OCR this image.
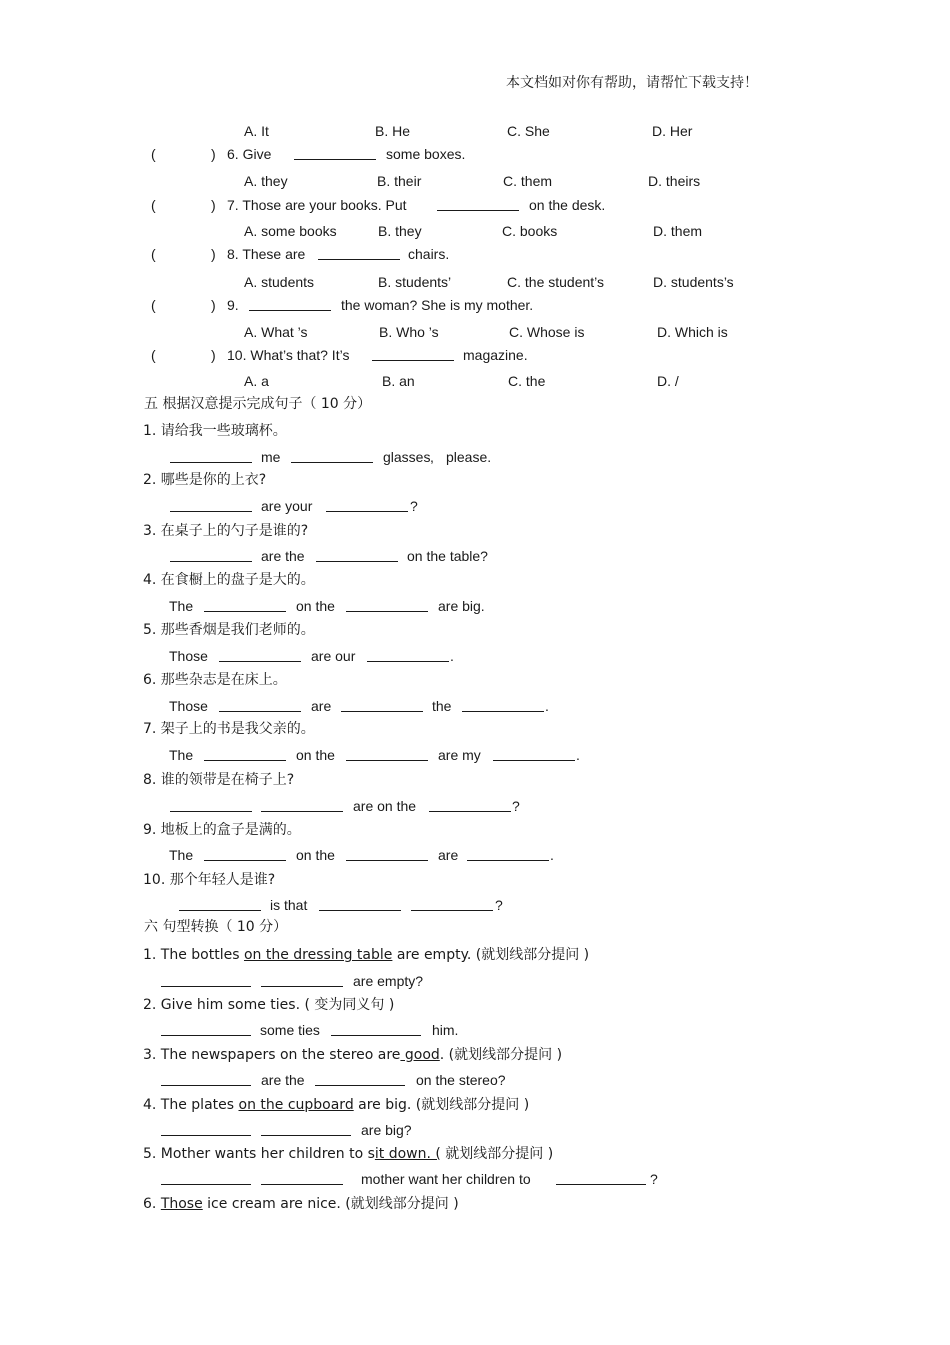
本文档如对你有帮助，请帮忙下载支持！
A. It	B. He	C. She	D. Her
(	) 6. Give	some boxes.
A. they	B. their	C. them	D. theirs
(	) 7. Those are your books. Put	on the desk.
A. some books	B. they	C. books	D. them
(	) 8. These are	chairs.
A. students	B. students’	C. the student’s	D. students’s
(	) 9.	the woman? She is my mother.
A. What ’s	B. Who ’s	C. Whose is	D. Which is
(	) 10. What’s that? It’s	magazine.
A. a	B. an	C. the	D. /
五 根据汉意提示完成句子（ 10 分）
1. 请给我一些玻璃杯。
me	glasses , please.
2. 哪些是你的上衣?
are your	?
3. 在桌子上的勺子是谁的?
are the	on the table?
4. 在食橱上的盘子是大的。
The	on the	are big.
5. 那些香烟是我们老师的。
Those	are our	.
6. 那些杂志是在床上。
Those	are	the	.
7. 架子上的书是我父亲的。
The	on the	are my	.
8. 谁的领带是在椅子上?
are on the	?
9. 地板上的盒子是满的。
The	on the	are	.
10. 那个年轻人是谁?
is that	?
六 句型转换（ 10 分）
1. The bottles on the dressing table are empty. (就划线部分提问 )
are empty?
2. Give him some ties. ( 变为同义句 )
some ties	him.
3. The newspapers on the stereo are good. (就划线部分提问 )
are the	on the stereo?
4. The plates on the cupboard are big. (就划线部分提问 )
are big?
5. Mother wants her children to sit down. ( 就划线部分提问 )
mother want her children to	?
6. Those ice cream are nice. (就划线部分提问 )
